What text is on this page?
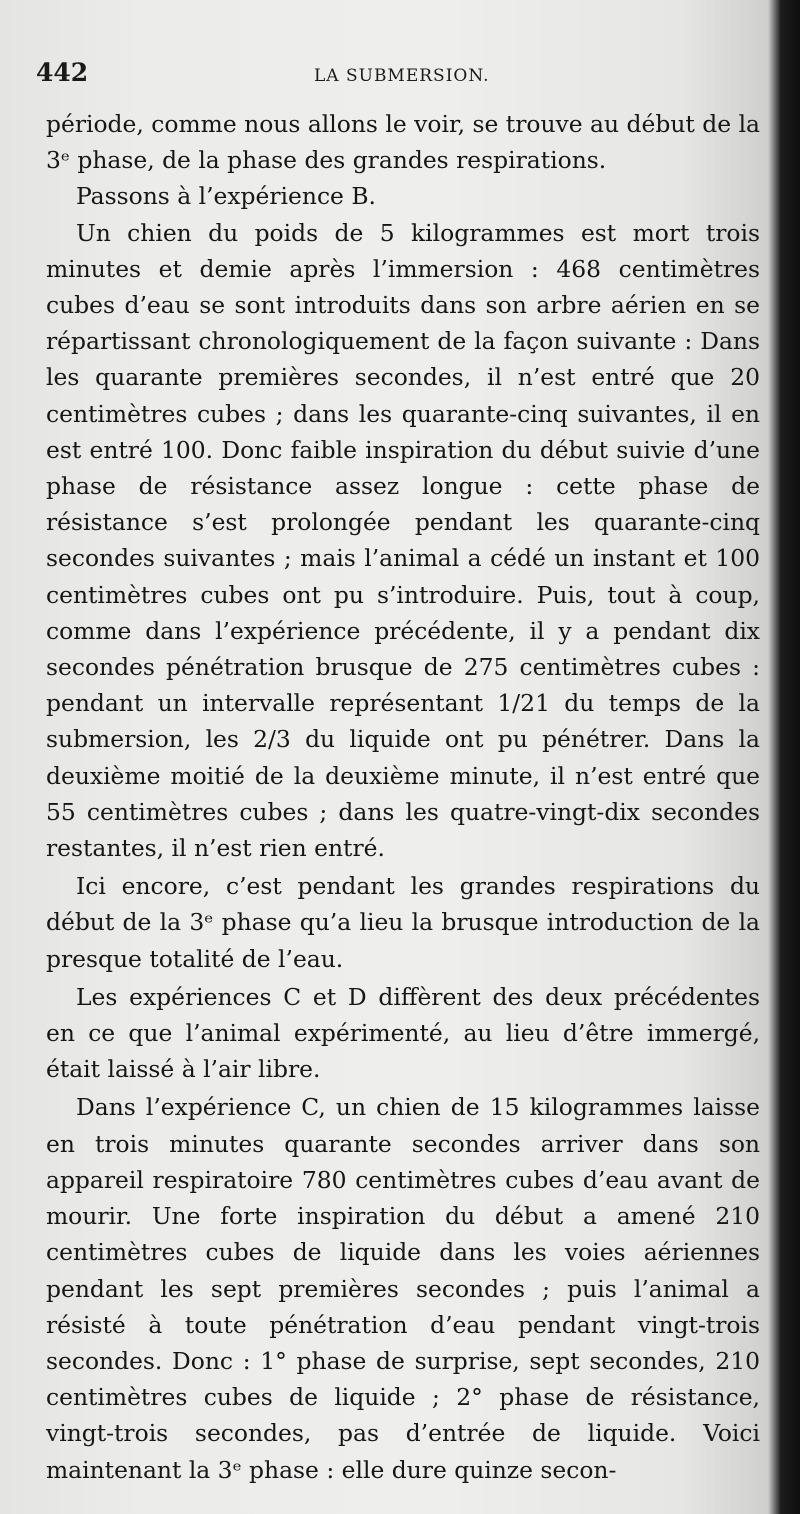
442	LA SUBMERSION.

période, comme nous allons le voir, se trouve au début de la 3ᵉ phase, de la phase des grandes respirations.

Passons à l’expérience B.

Un chien du poids de 5 kilogrammes est mort trois minutes et demie après l’immersion : 468 centimètres cubes d’eau se sont introduits dans son arbre aérien en se répartissant chronologiquement de la façon suivante : Dans les quarante premières secondes, il n’est entré que 20 centimètres cubes ; dans les quarante-cinq suivantes, il en est entré 100. Donc faible inspiration du début suivie d’une phase de résistance assez longue : cette phase de résistance s’est prolongée pendant les quarante-cinq secondes suivantes ; mais l’animal a cédé un instant et 100 centimètres cubes ont pu s’introduire. Puis, tout à coup, comme dans l’expérience précédente, il y a pendant dix secondes pénétration brusque de 275 centimètres cubes : pendant un intervalle représentant 1/21 du temps de la submersion, les 2/3 du liquide ont pu pénétrer. Dans la deuxième moitié de la deuxième minute, il n’est entré que 55 centimètres cubes ; dans les quatre-vingt-dix secondes restantes, il n’est rien entré.

Ici encore, c’est pendant les grandes respirations du début de la 3ᵉ phase qu’a lieu la brusque introduction de la presque totalité de l’eau.

Les expériences C et D diffèrent des deux précédentes en ce que l’animal expérimenté, au lieu d’être immergé, était laissé à l’air libre.

Dans l’expérience C, un chien de 15 kilogrammes laisse en trois minutes quarante secondes arriver dans son appareil respiratoire 780 centimètres cubes d’eau avant de mourir. Une forte inspiration du début a amené 210 centimètres cubes de liquide dans les voies aériennes pendant les sept premières secondes ; puis l’animal a résisté à toute pénétration d’eau pendant vingt-trois secondes. Donc : 1° phase de surprise, sept secondes, 210 centimètres cubes de liquide ; 2° phase de résistance, vingt-trois secondes, pas d’entrée de liquide. Voici maintenant la 3ᵉ phase : elle dure quinze secon-
